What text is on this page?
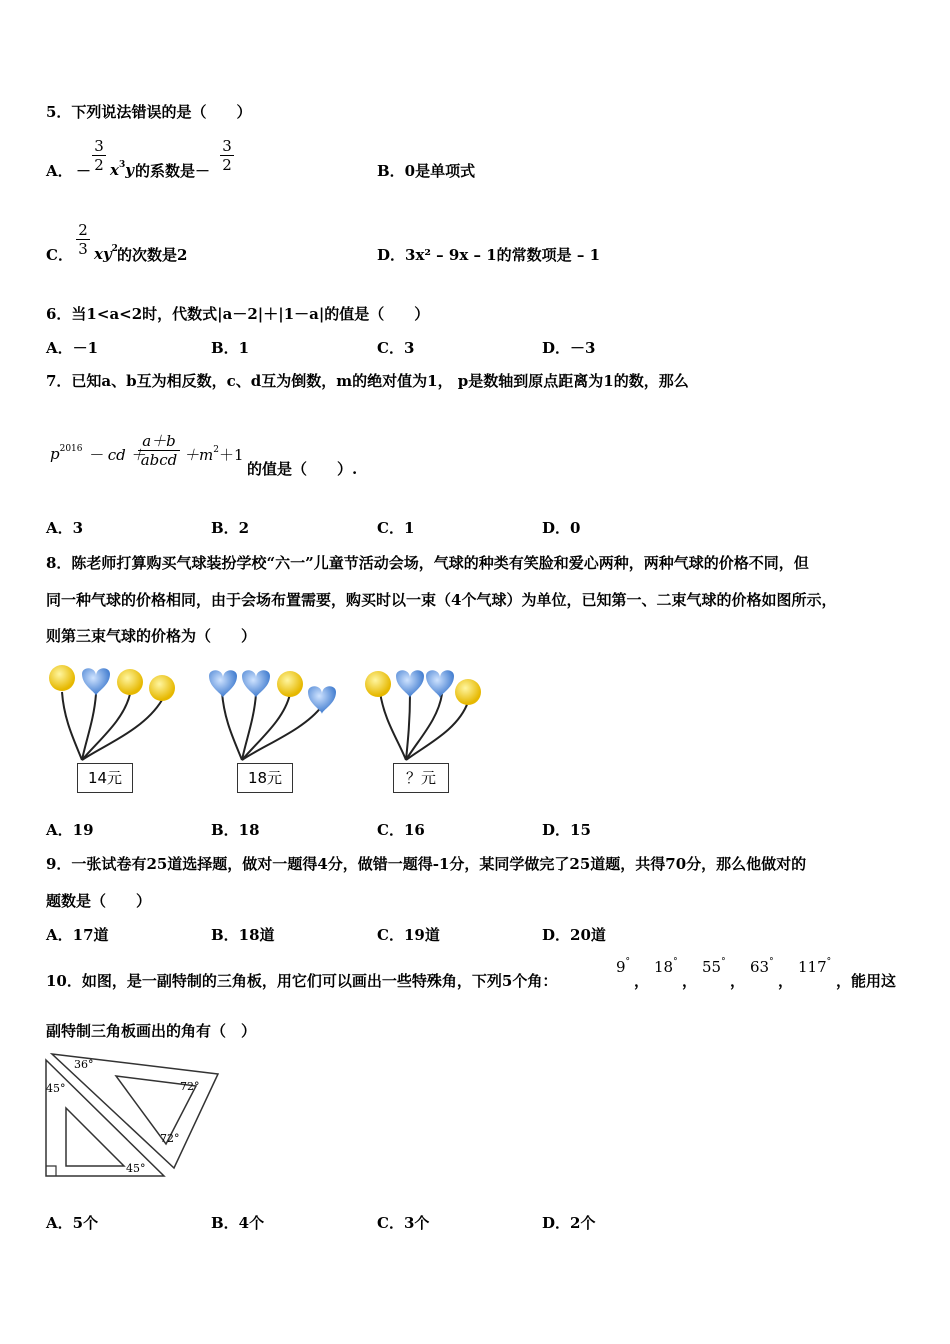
5．下列说法错误的是（　　）
A． －
3
2 $x^3y$ 的系数是－
3
2	B．0是单项式
C．
2
3 $xy^2$ 的次数是2	D．3x² – 9x – 1的常数项是 – 1
6．当1<a<2时，代数式|a－2|＋|1－a|的值是（　　）
A．－1	B．1	C．3	D．－3
7．已知a、b互为相反数，c、d互为倒数，m的绝对值为1， p是数轴到原点距离为1的数，那么
$p^{2016}$ － cd ＋
a＋b
abcd $+m^2+1$
的值是（　　）.
A．3	B．2	C．1	D．0
8．陈老师打算购买气球装扮学校“六一”儿童节活动会场，气球的种类有笑脸和爱心两种，两种气球的价格不同，但
同一种气球的价格相同，由于会场布置需要，购买时以一束（4个气球）为单位，已知第一、二束气球的价格如图所示，
则第三束气球的价格为（　　）
14元	18元	？元
A．19	B．18	C．16	D．15
9．一张试卷有25道选择题，做对一题得4分，做错一题得-1分，某同学做完了25道题，共得70分，那么他做对的
题数是（　　）
A．17道	B．18道	C．19道	D．20道
10．如图，是一副特制的三角板，用它们可以画出一些特殊角，下列5个角：
9°
，
18°
，
55°
，
63°
，
117°
，能用这
副特制三角板画出的角有（　）
36°
45°	72°
72°
45°
A．5个	B．4个	C．3个	D．2个
